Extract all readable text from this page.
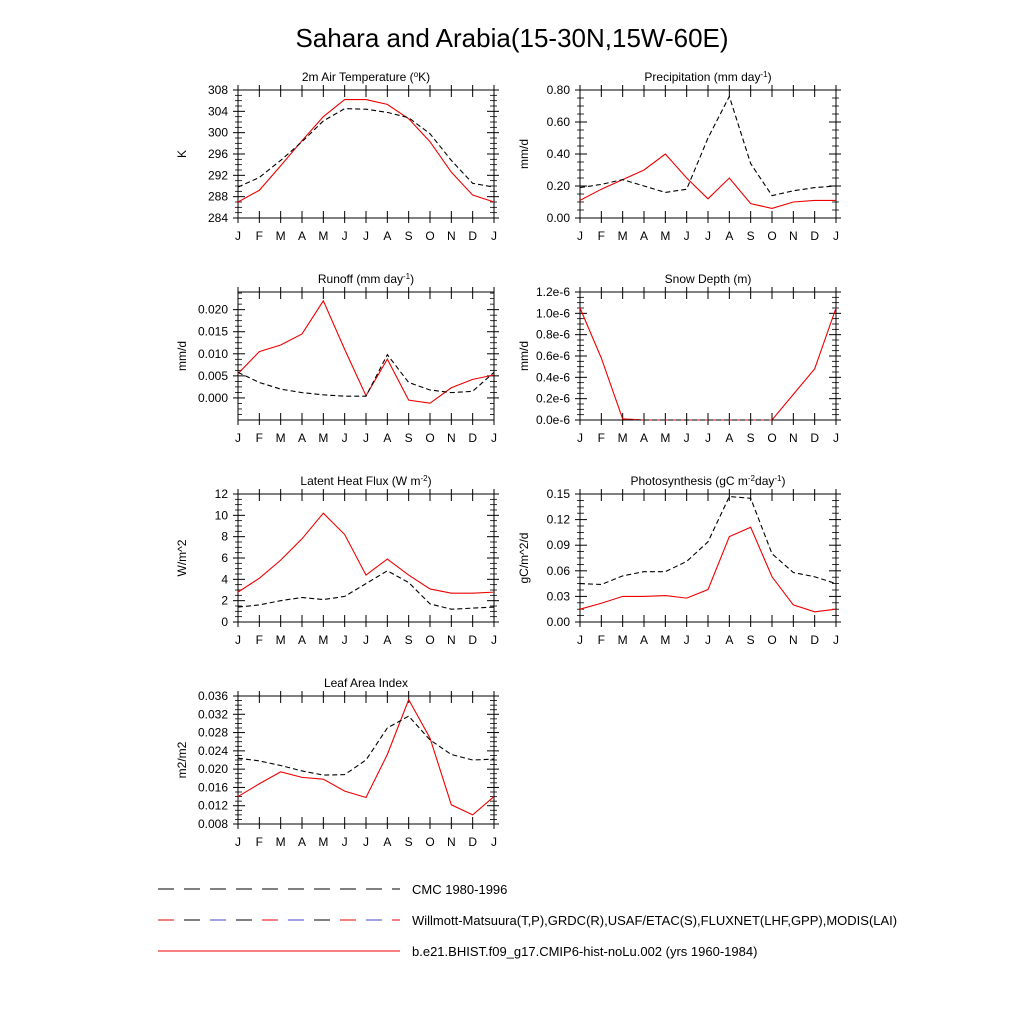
Sahara and Arabia(15-30N,15W-60E)
2m Air Temperature ($^o$K)
K
284
288
292
296
300
304
308
J F M A M J J A S O N D J
Precipitation (mm day$^{-1}$)
mm/d
0.00
0.20
0.40
0.60
0.80
J F M A M J J A S O N D J
Runoff (mm day$^{-1}$)
mm/d
0.000
0.005
0.010
0.015
0.020
J F M A M J J A S O N D J
Snow Depth (m)
mm/d
0.0e-6
0.2e-6
0.4e-6
0.6e-6
0.8e-6
1.0e-6
1.2e-6
J F M A M J J A S O N D J
Latent Heat Flux (W $m^{-2}$)
W/m^2
0
2
4
6
8
10
12
J F M A M J J A S O N D J
Photosynthesis (gC $m^{-2}day^{-1}$)
gC/m^2/d
0.00
0.03
0.06
0.09
0.12
0.15
J F M A M J J A S O N D J
Leaf Area Index
m2/m2
0.008
0.012
0.016
0.020
0.024
0.028
0.032
0.036
J F M A M J J A S O N D J
CMC 1980-1996
Willmott-Matsuura(T,P),GRDC(R),USAF/ETAC(S),FLUXNET(LHF,GPP),MODIS(LAI)
b.e21.BHIST.f09_g17.CMIP6-hist-noLu.002 (yrs 1960-1984)
